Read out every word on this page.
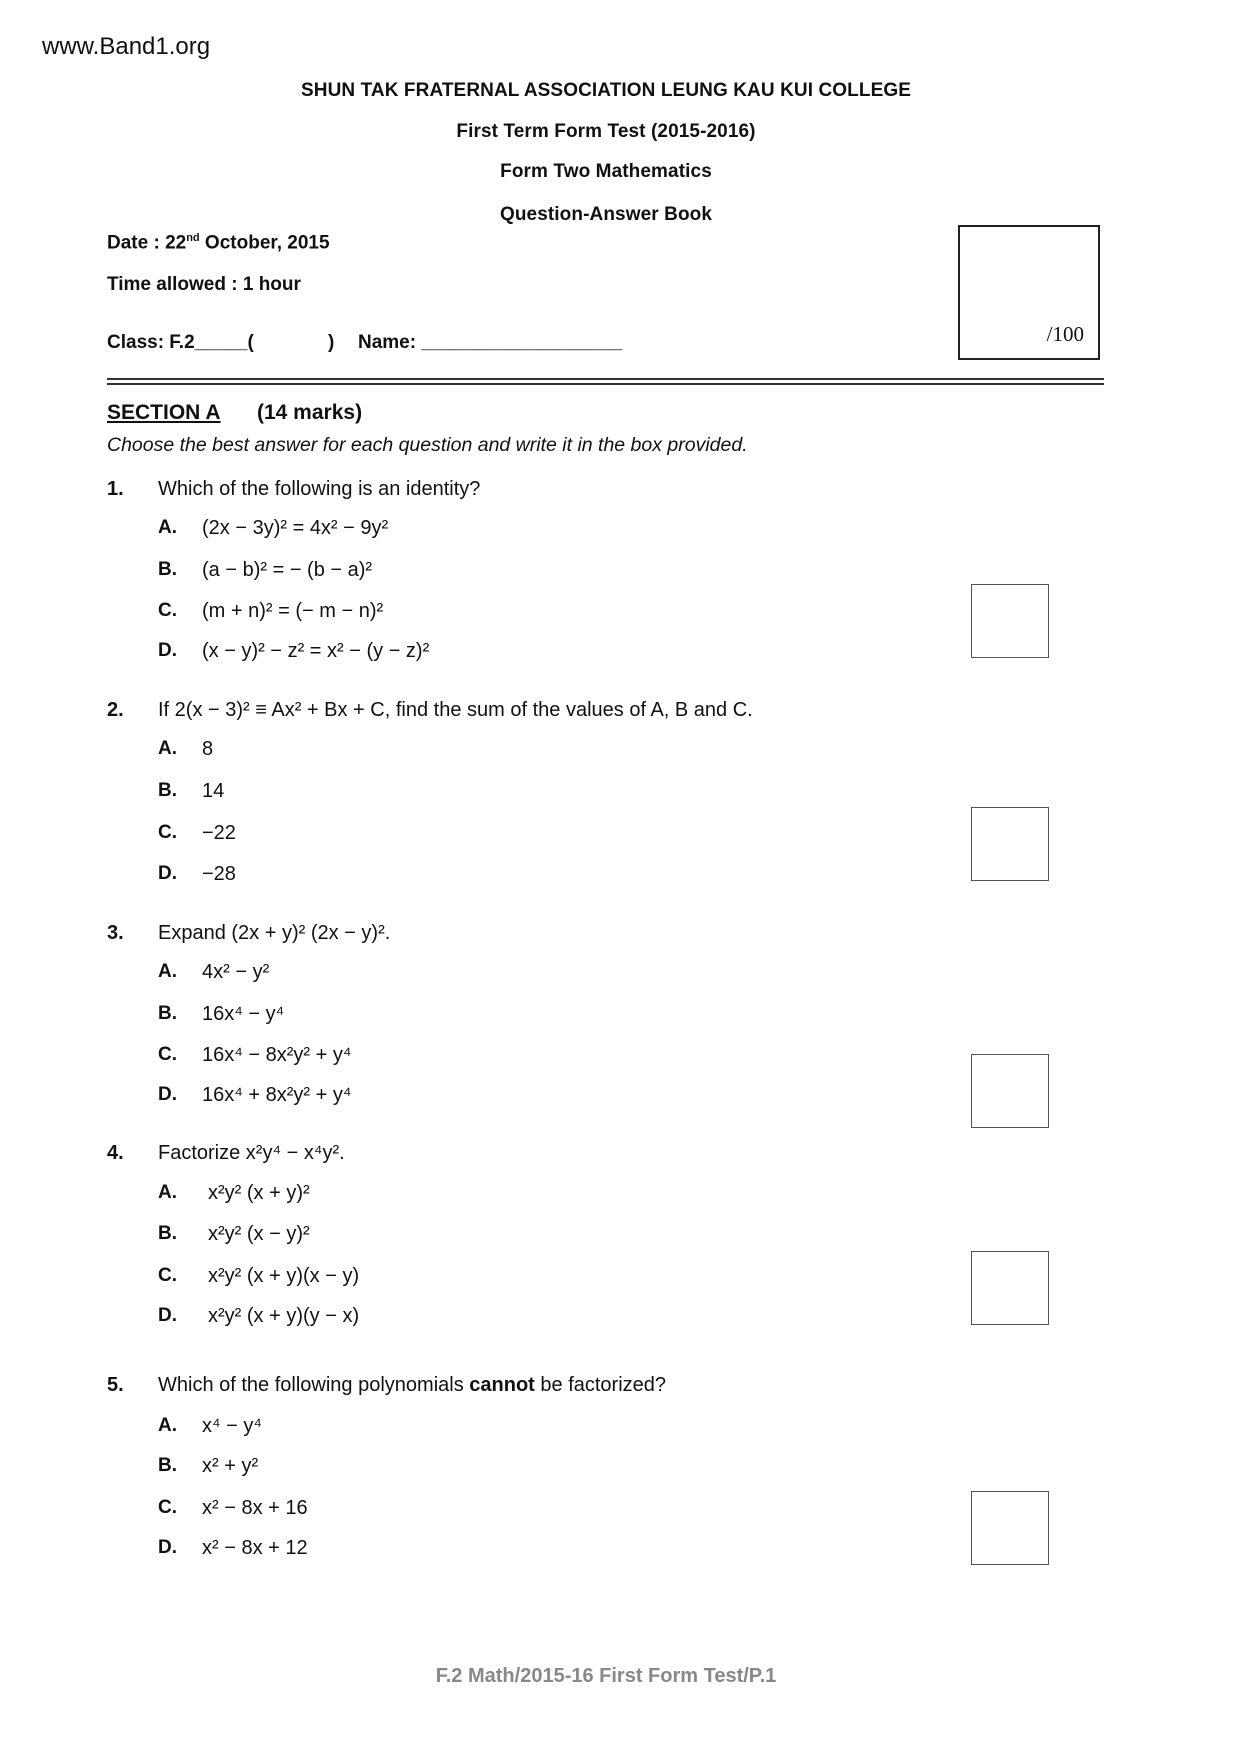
www.Band1.org
SHUN TAK FRATERNAL ASSOCIATION LEUNG KAU KUI COLLEGE
First Term Form Test (2015-2016)
Form Two Mathematics
Question-Answer Book
Date : 22nd October, 2015
Time allowed : 1 hour
Class: F.2_____(	) Name: ___________________	/100
SECTION A (14 marks)
Choose the best answer for each question and write it in the box provided.
1. Which of the following is an identity?
A. (2x − 3y)² = 4x² − 9y²
B. (a − b)² = − (b − a)²
C. (m + n)² = (− m − n)²
D. (x − y)² − z² = x² − (y − z)²
2. If 2(x − 3)² ≡ Ax² + Bx + C, find the sum of the values of A, B and C.
A. 8
B. 14
C. −22
D. −28
3. Expand (2x + y)² (2x − y)².
A. 4x² − y²
B. 16x⁴ − y⁴
C. 16x⁴ − 8x²y² + y⁴
D. 16x⁴ + 8x²y² + y⁴
4. Factorize x²y⁴ − x⁴y².
A. x²y² (x + y)²
B. x²y² (x − y)²
C. x²y² (x + y)(x − y)
D. x²y² (x + y)(y − x)
5. Which of the following polynomials cannot be factorized?
A. x⁴ − y⁴
B. x² + y²
C. x² − 8x + 16
D. x² − 8x + 12
F.2 Math/2015-16 First Form Test/P.1
